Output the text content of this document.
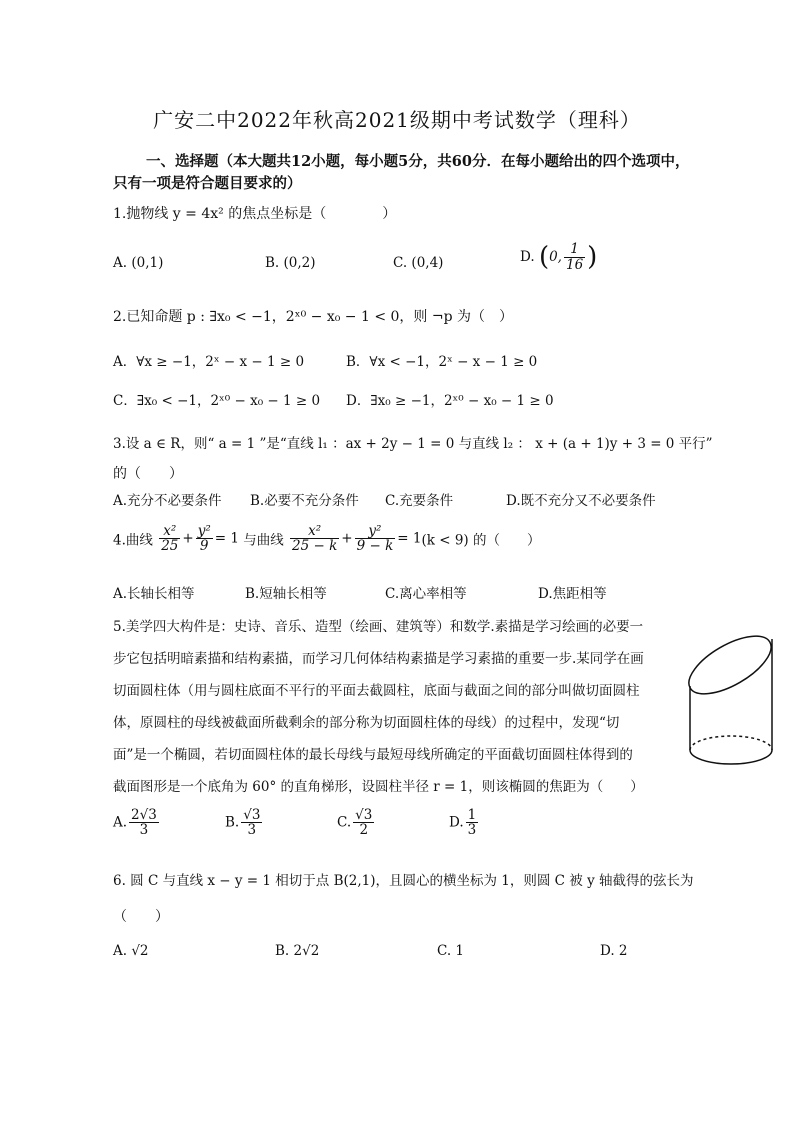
广安二中2022年秋高2021级期中考试数学（理科）
一、选择题（本大题共12小题，每小题5分，共60分．在每小题给出的四个选项中，
只有一项是符合题目要求的）
1.抛物线 y = 4x² 的焦点坐标是（　　　　）
A. (0,1)	B. (0,2)	C. (0,4)	D. (0, $\frac{1}{16}$ )
2.已知命题 p : ∃x₀ < −1，2ˣ⁰ − x₀ − 1 < 0，则 ¬p 为（　）
A．∀x ≥ −1，2ˣ − x − 1 ≥ 0	B．∀x < −1，2ˣ − x − 1 ≥ 0
C．∃x₀ < −1，2ˣ⁰ − x₀ − 1 ≥ 0 D．∃x₀ ≥ −1，2ˣ⁰ − x₀ − 1 ≥ 0
3.设 a ∈ R，则“ a = 1 ”是“直线 l₁ ：ax + 2y − 1 = 0 与直线 l₂ ： x + (a + 1)y + 3 = 0 平行”
的（　　）
A.充分不必要条件 B.必要不充分条件 C.充要条件	D.既不充分又不必要条件
4.曲线 $\frac{\text{x²}}{25} + \frac{\text{y²}}{9} = 1$ 与曲线 $\frac{\text{x²}}{25 - k} + \frac{\text{y²}}{9 - k} = 1(k < 9)$ 的（　　）
A.长轴长相等	B.短轴长相等	C.离心率相等	D.焦距相等
5.美学四大构件是：史诗、音乐、造型（绘画、建筑等）和数学.素描是学习绘画的必要一
步它包括明暗素描和结构素描，而学习几何体结构素描是学习素描的重要一步.某同学在画
切面圆柱体（用与圆柱底面不平行的平面去截圆柱，底面与截面之间的部分叫做切面圆柱
体，原圆柱的母线被截面所截剩余的部分称为切面圆柱体的母线）的过程中，发现“切
面”是一个椭圆，若切面圆柱体的最长母线与最短母线所确定的平面截切面圆柱体得到的
截面图形是一个底角为 60° 的直角梯形，设圆柱半径 r = 1，则该椭圆的焦距为（　　）
A. $\frac{2√3}{3}$	B. $\frac{√3}{3}$	C. $\frac{√3}{2}$	D. $\frac{1}{3}$
6. 圆 C 与直线 x − y = 1 相切于点 B(2,1)，且圆心的横坐标为 1，则圆 C 被 y 轴截得的弦长为
（　　）
A. √2	B. 2√2	C. 1	D. 2
